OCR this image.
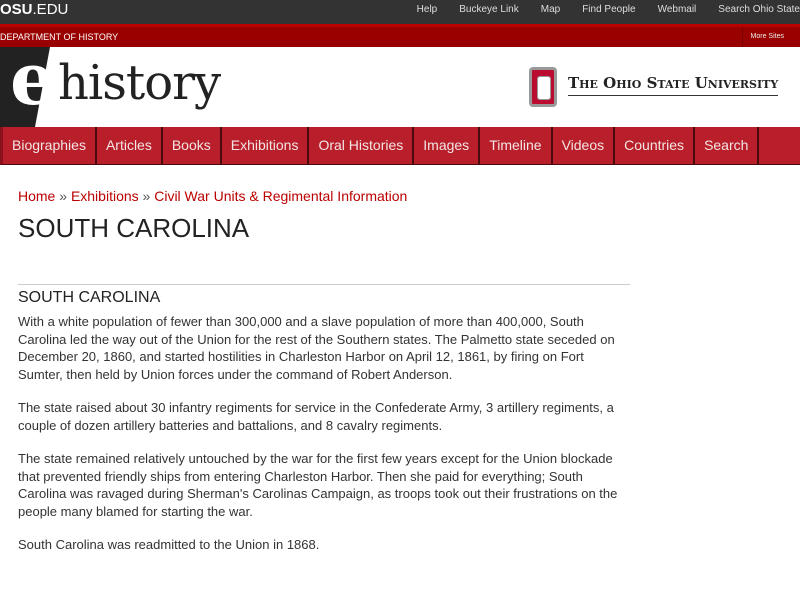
OSU.EDU	Help Buckeye Link Map Find People Webmail Search Ohio State
DEPARTMENT OF HISTORY	More Sites
e history	The Ohio State University
Biographies	Articles	Books	Exhibitions	Oral Histories	Images	Timeline	Videos	Countries	Search
Home » Exhibitions » Civil War Units & Regimental Information
SOUTH CAROLINA
SOUTH CAROLINA

With a white population of fewer than 300,000 and a slave population of more than 400,000, South Carolina led the way out of the Union for the rest of the Southern states. The Palmetto state seceded on December 20, 1860, and started hostilities in Charleston Harbor on April 12, 1861, by firing on Fort Sumter, then held by Union forces under the command of Robert Anderson.

The state raised about 30 infantry regiments for service in the Confederate Army, 3 artillery regiments, a couple of dozen artillery batteries and battalions, and 8 cavalry regiments.

The state remained relatively untouched by the war for the first few years except for the Union blockade that prevented friendly ships from entering Charleston Harbor. Then she paid for everything; South Carolina was ravaged during Sherman's Carolinas Campaign, as troops took out their frustrations on the people many blamed for starting the war.

South Carolina was readmitted to the Union in 1868.
